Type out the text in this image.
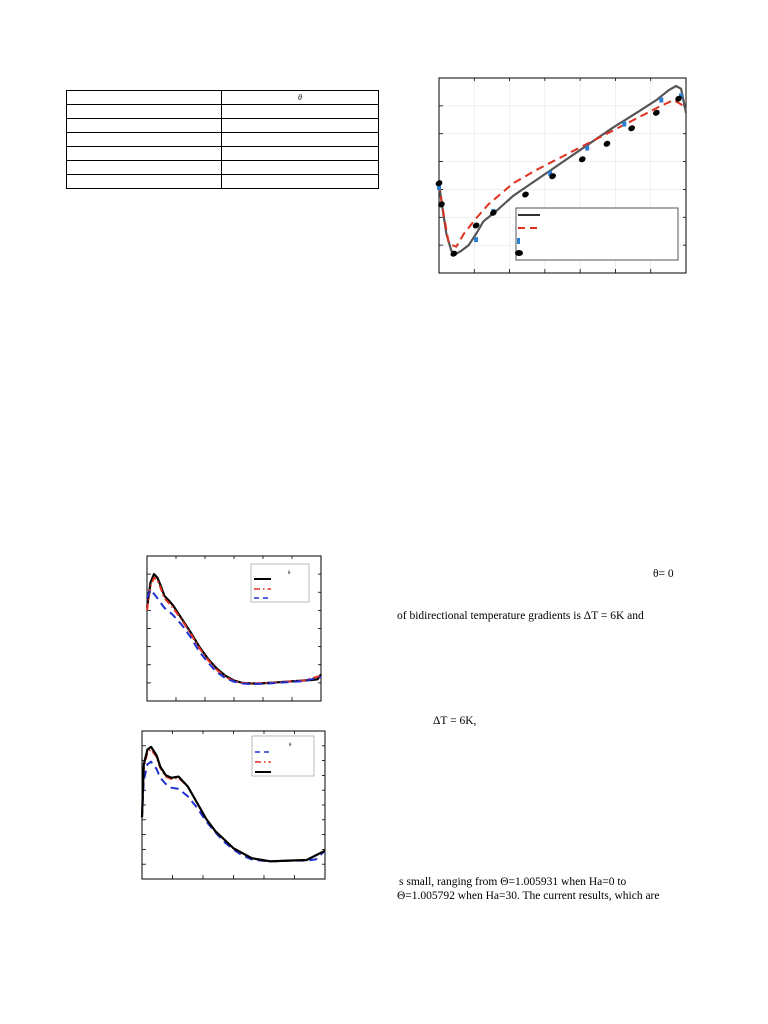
	θ

θ
θ
θ= 0
of bidirectional temperature gradients is ΔT = 6K and
ΔT = 6K,
s small, ranging from Θ=1.005931 when Ha=0 to
Θ=1.005792 when Ha=30. The current results, which are
